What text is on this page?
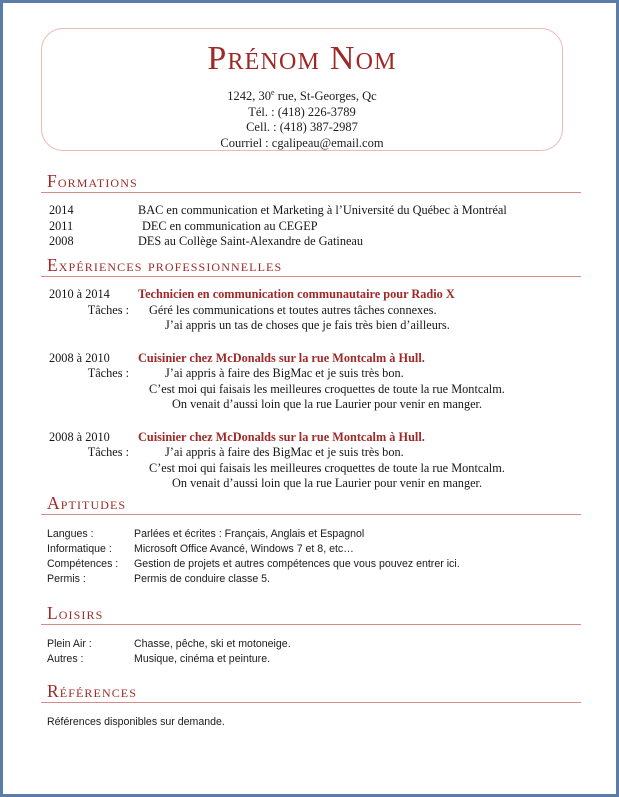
Prénom Nom
1242, 30e rue, St-Georges, Qc
Tél. : (418) 226-3789
Cell. : (418) 387-2987
Courriel : cgalipeau@email.com
Formations
2014	BAC en communication et Marketing à l’Université du Québec à Montréal
2011	DEC en communication au CEGEP
2008	DES au Collège Saint-Alexandre de Gatineau
Expériences professionnelles
2010 à 2014	Technicien en communication communautaire pour Radio X
Tâches : Géré les communications et toutes autres tâches connexes.
J’ai appris un tas de choses que je fais très bien d’ailleurs.
2008 à 2010	Cuisinier chez McDonalds sur la rue Montcalm à Hull.
Tâches :	J’ai appris à faire des BigMac et je suis très bon.
C’est moi qui faisais les meilleures croquettes de toute la rue Montcalm.
On venait d’aussi loin que la rue Laurier pour venir en manger.
2008 à 2010	Cuisinier chez McDonalds sur la rue Montcalm à Hull.
Tâches :	J’ai appris à faire des BigMac et je suis très bon.
C’est moi qui faisais les meilleures croquettes de toute la rue Montcalm.
On venait d’aussi loin que la rue Laurier pour venir en manger.
Aptitudes
Langues :	Parlées et écrites : Français, Anglais et Espagnol
Informatique : Microsoft Office Avancé, Windows 7 et 8, etc…
Compétences : Gestion de projets et autres compétences que vous pouvez entrer ici.
Permis :	Permis de conduire classe 5.
Loisirs
Plein Air :	Chasse, pêche, ski et motoneige.
Autres :	Musique, cinéma et peinture.
Références
Références disponibles sur demande.
